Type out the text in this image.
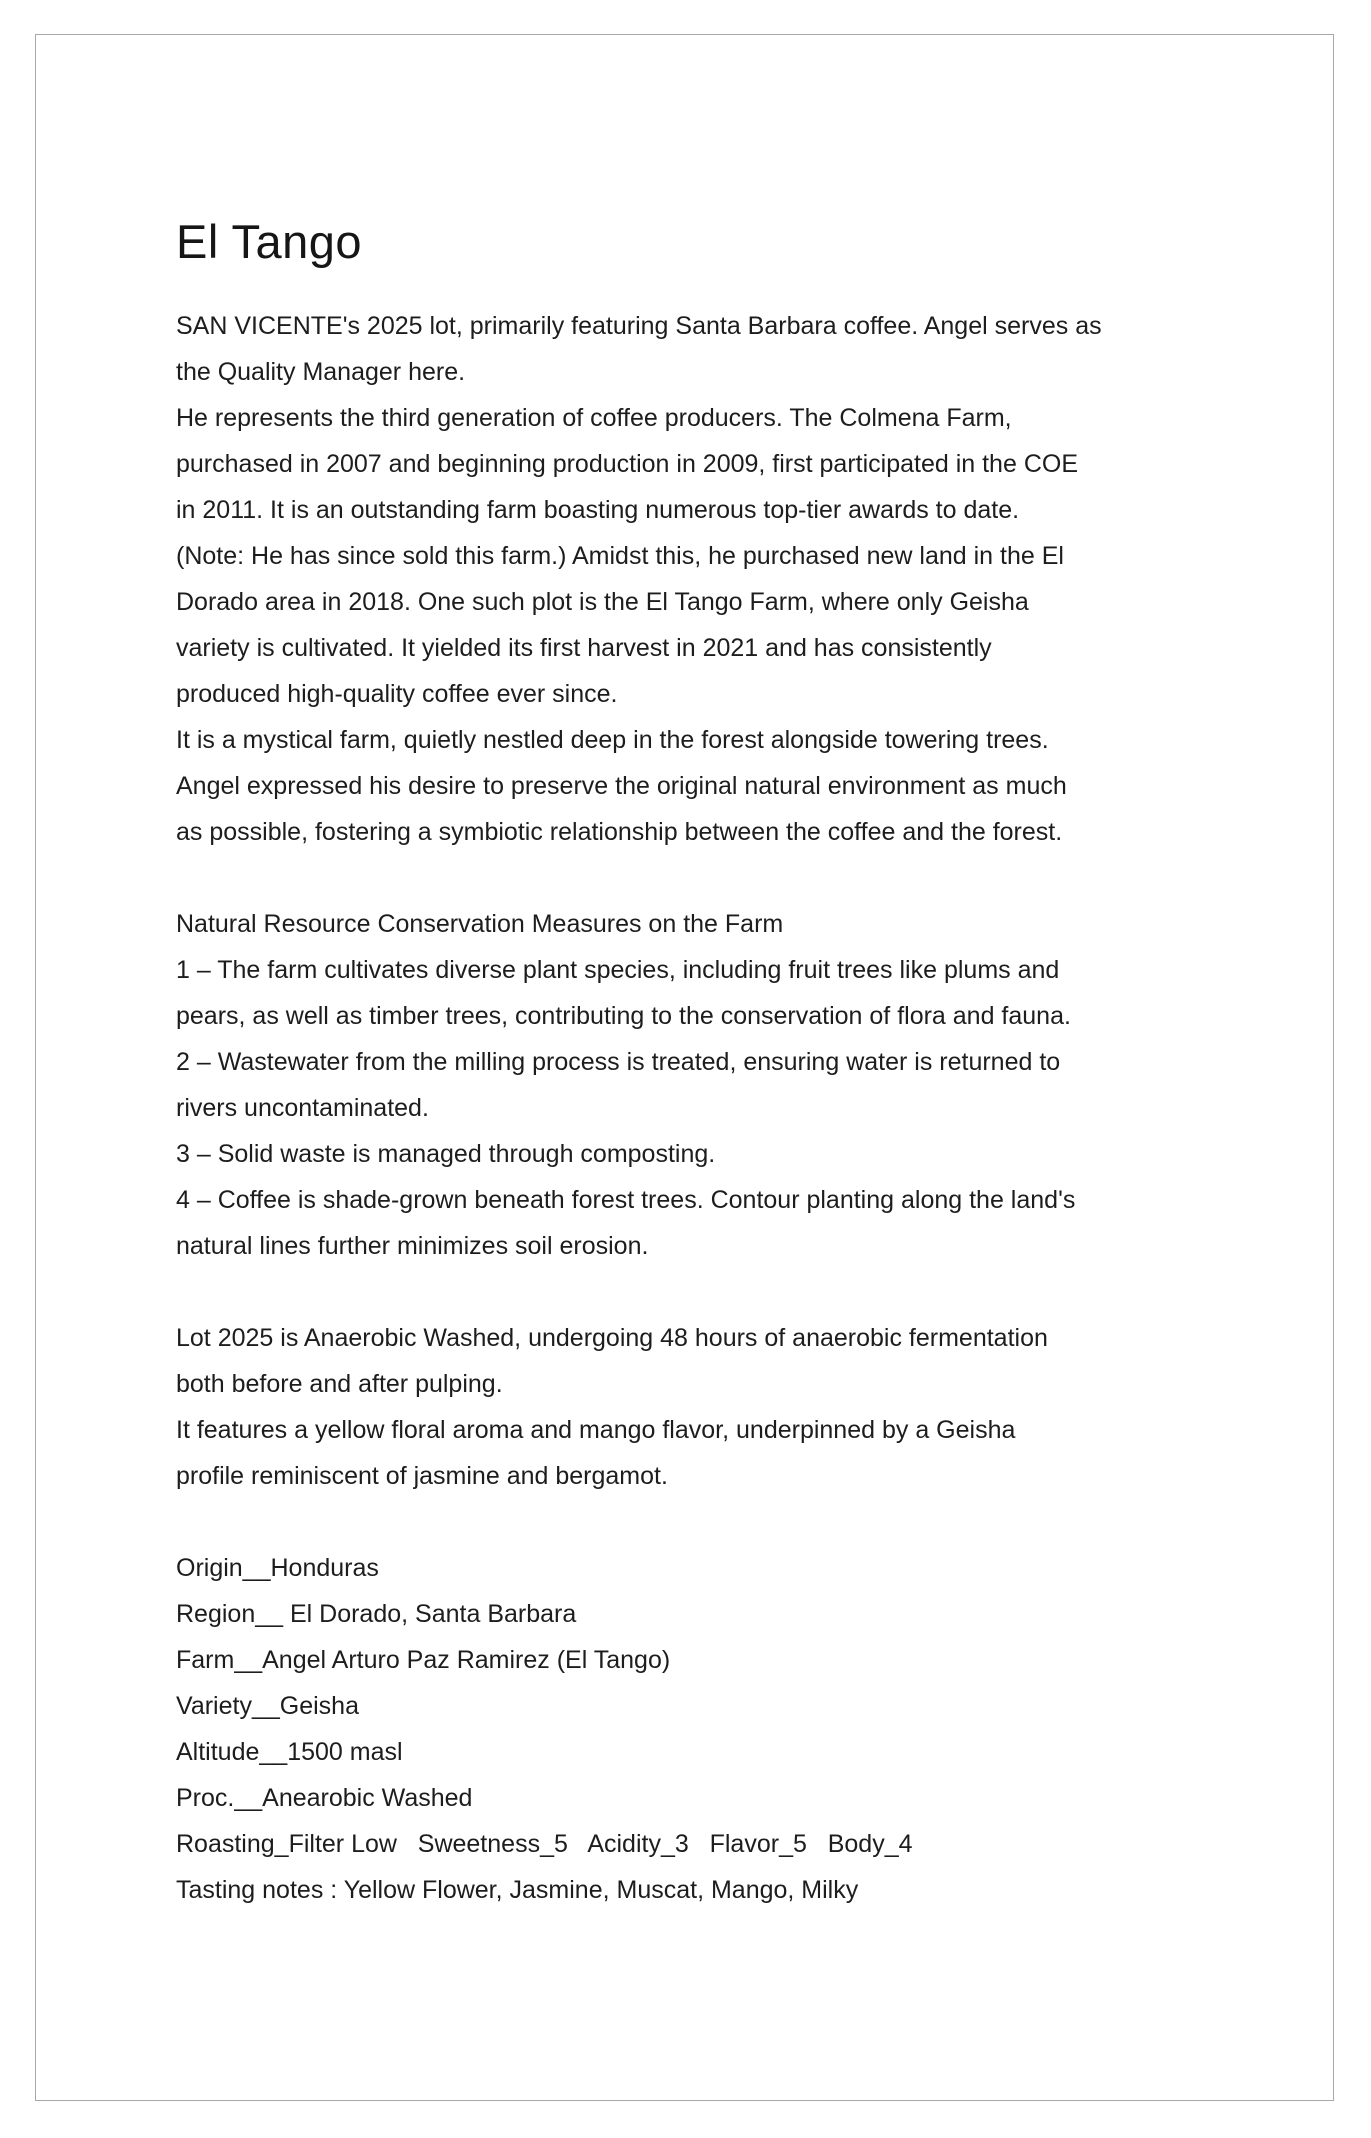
El Tango
SAN VICENTE's 2025 lot, primarily featuring Santa Barbara coffee. Angel serves as
the Quality Manager here.
He represents the third generation of coffee producers. The Colmena Farm,
purchased in 2007 and beginning production in 2009, first participated in the COE
in 2011. It is an outstanding farm boasting numerous top-tier awards to date.
(Note: He has since sold this farm.) Amidst this, he purchased new land in the El
Dorado area in 2018. One such plot is the El Tango Farm, where only Geisha
variety is cultivated. It yielded its first harvest in 2021 and has consistently
produced high-quality coffee ever since.
It is a mystical farm, quietly nestled deep in the forest alongside towering trees.
Angel expressed his desire to preserve the original natural environment as much
as possible, fostering a symbiotic relationship between the coffee and the forest.
Natural Resource Conservation Measures on the Farm
1 – The farm cultivates diverse plant species, including fruit trees like plums and
pears, as well as timber trees, contributing to the conservation of flora and fauna.
2 – Wastewater from the milling process is treated, ensuring water is returned to
rivers uncontaminated.
3 – Solid waste is managed through composting.
4 – Coffee is shade-grown beneath forest trees. Contour planting along the land's
natural lines further minimizes soil erosion.
Lot 2025 is Anaerobic Washed, undergoing 48 hours of anaerobic fermentation
both before and after pulping.
It features a yellow floral aroma and mango flavor, underpinned by a Geisha
profile reminiscent of jasmine and bergamot.
Origin__Honduras
Region__ El Dorado, Santa Barbara
Farm__Angel Arturo Paz Ramirez (El Tango)
Variety__Geisha
Altitude__1500 masl
Proc.__Anearobic Washed
Roasting_Filter Low   Sweetness_5   Acidity_3   Flavor_5   Body_4
Tasting notes : Yellow Flower, Jasmine, Muscat, Mango, Milky
